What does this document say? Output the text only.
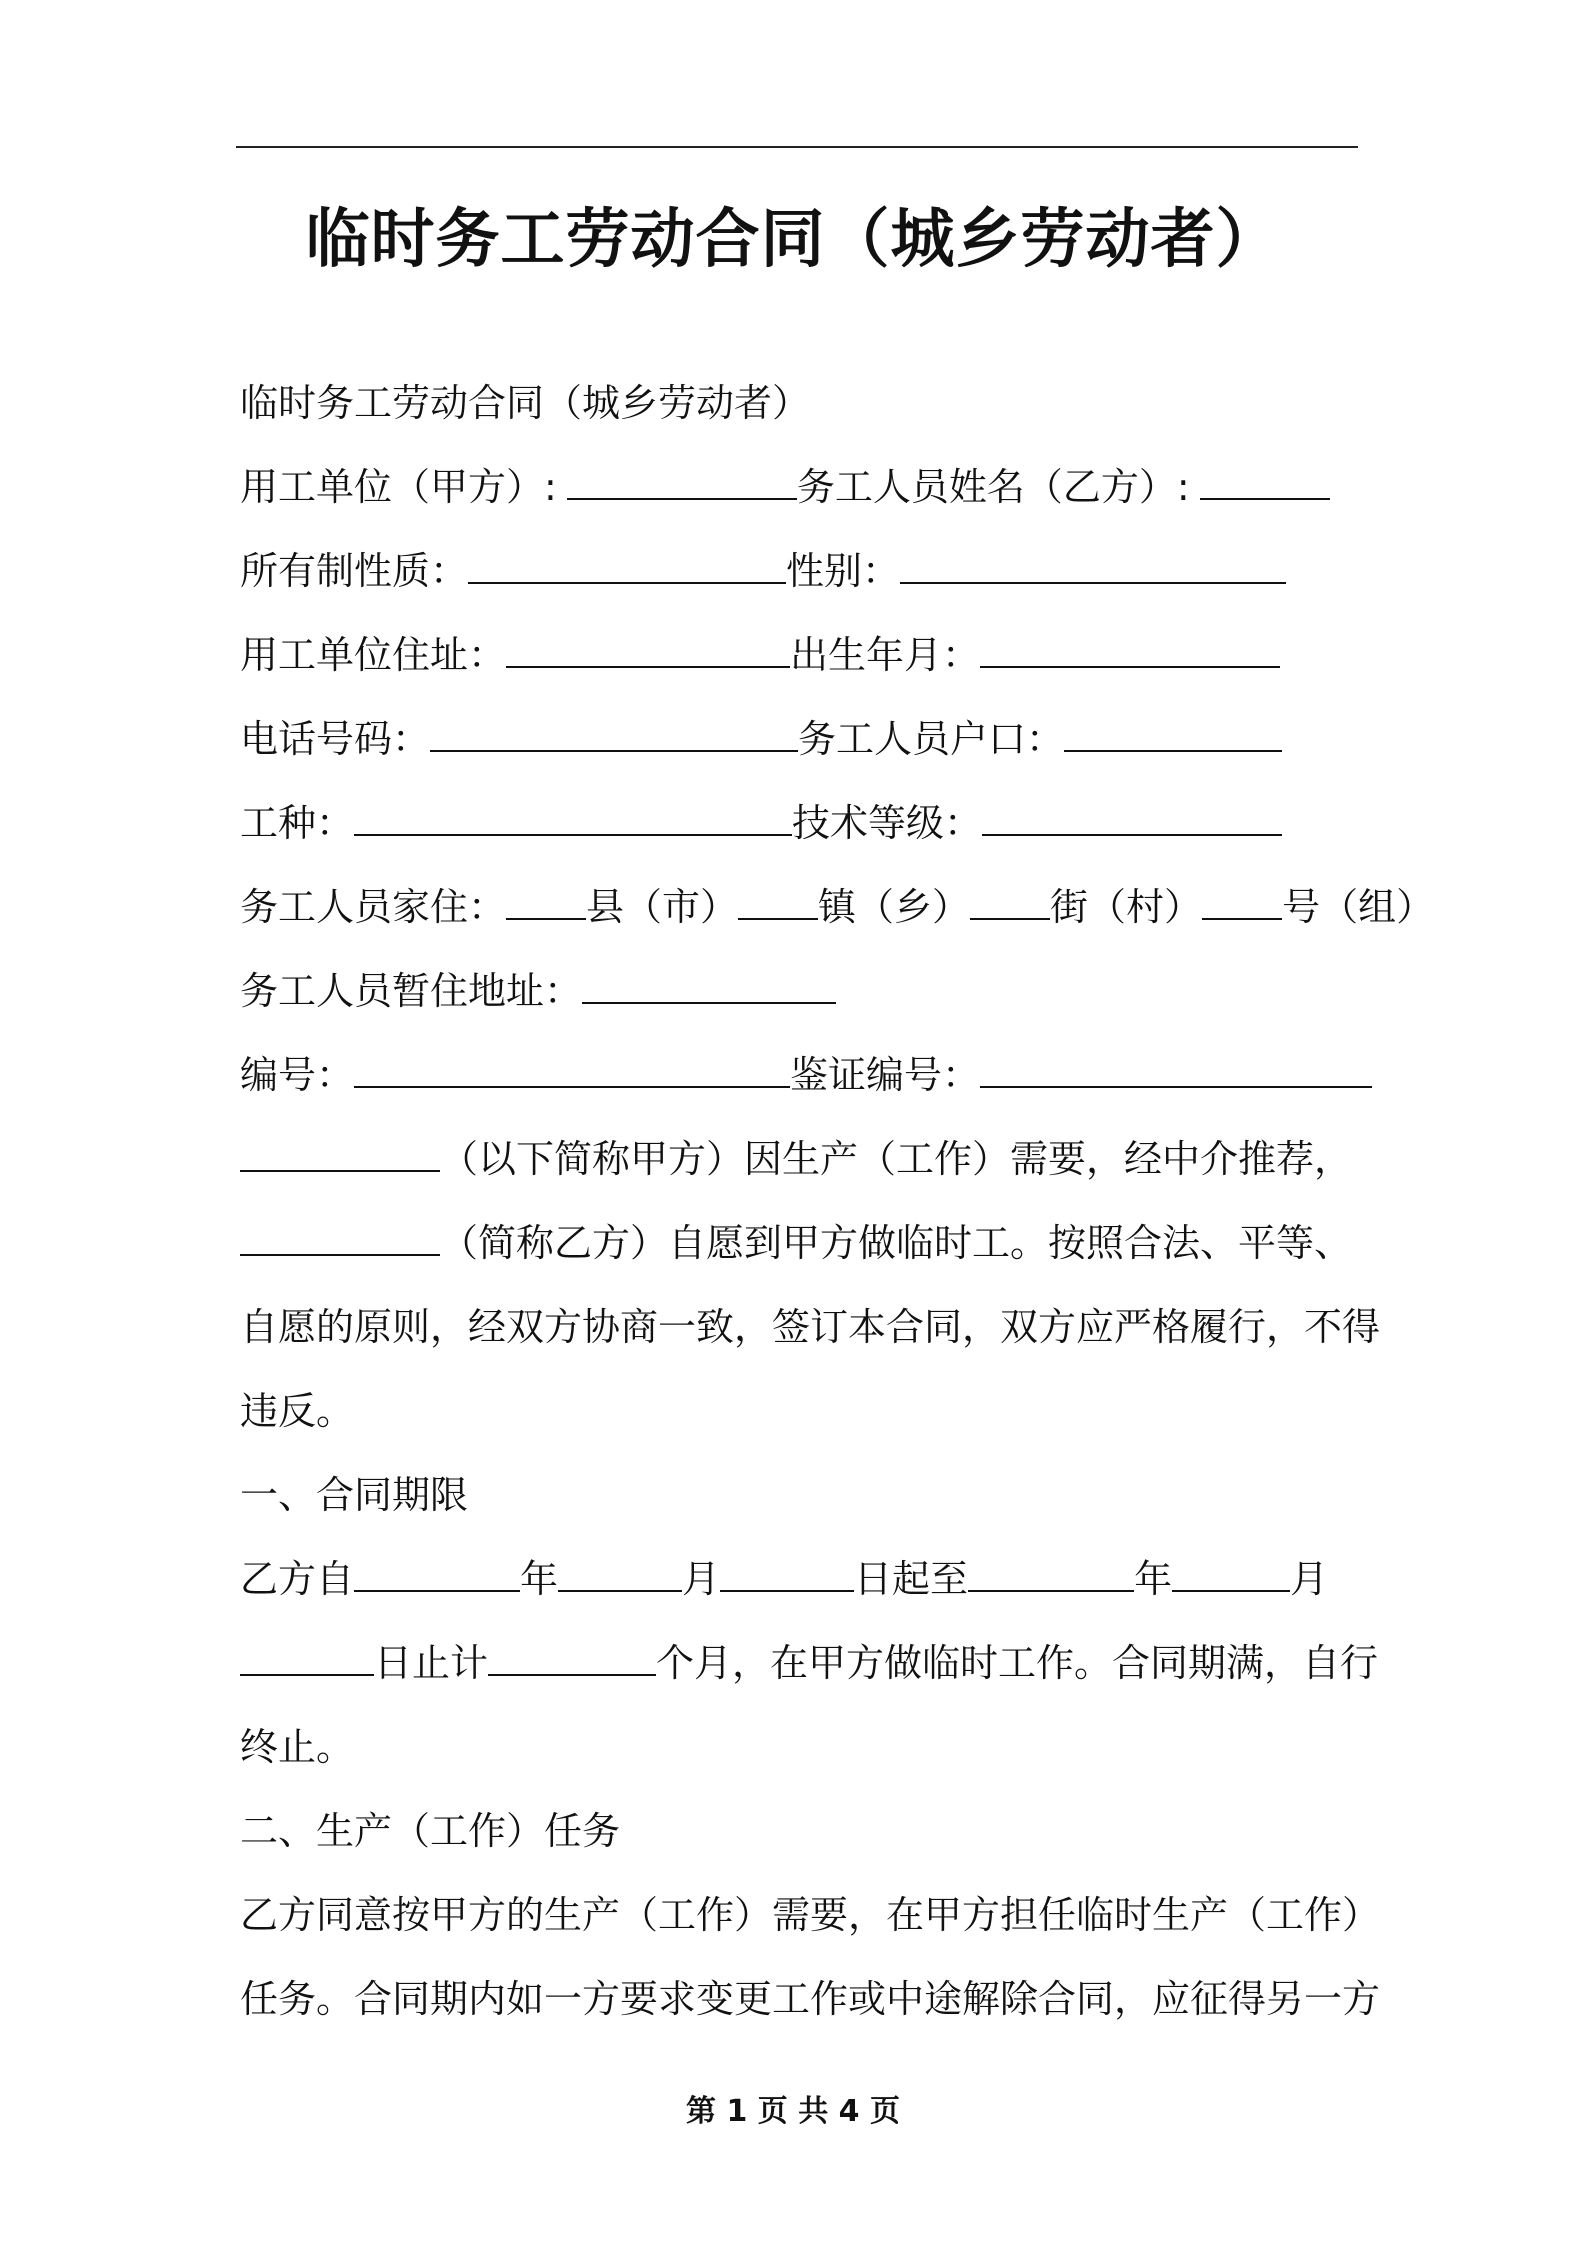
临时务工劳动合同（城乡劳动者）
临时务工劳动合同（城乡劳动者）
用工单位（甲方）:	务工人员姓名（乙方）:
所有制性质：	性别：
用工单位住址：	出生年月：
电话号码：	务工人员户口：
工种：	技术等级：
务工人员家住： 县（市） 镇（乡） 街（村） 号（组）
务工人员暂住地址：
编号：	鉴证编号：
（以下简称甲方）因生产（工作）需要，经中介推荐，
（简称乙方）自愿到甲方做临时工。按照合法、平等、
自愿的原则，经双方协商一致，签订本合同，双方应严格履行，不得
违反。
一、合同期限
乙方自	年	月	日起至	年	月
日止计	个月，在甲方做临时工作。合同期满，自行
终止。
二、生产（工作）任务
乙方同意按甲方的生产（工作）需要，在甲方担任临时生产（工作）
任务。合同期内如一方要求变更工作或中途解除合同，应征得另一方
第 1 页 共 4 页
